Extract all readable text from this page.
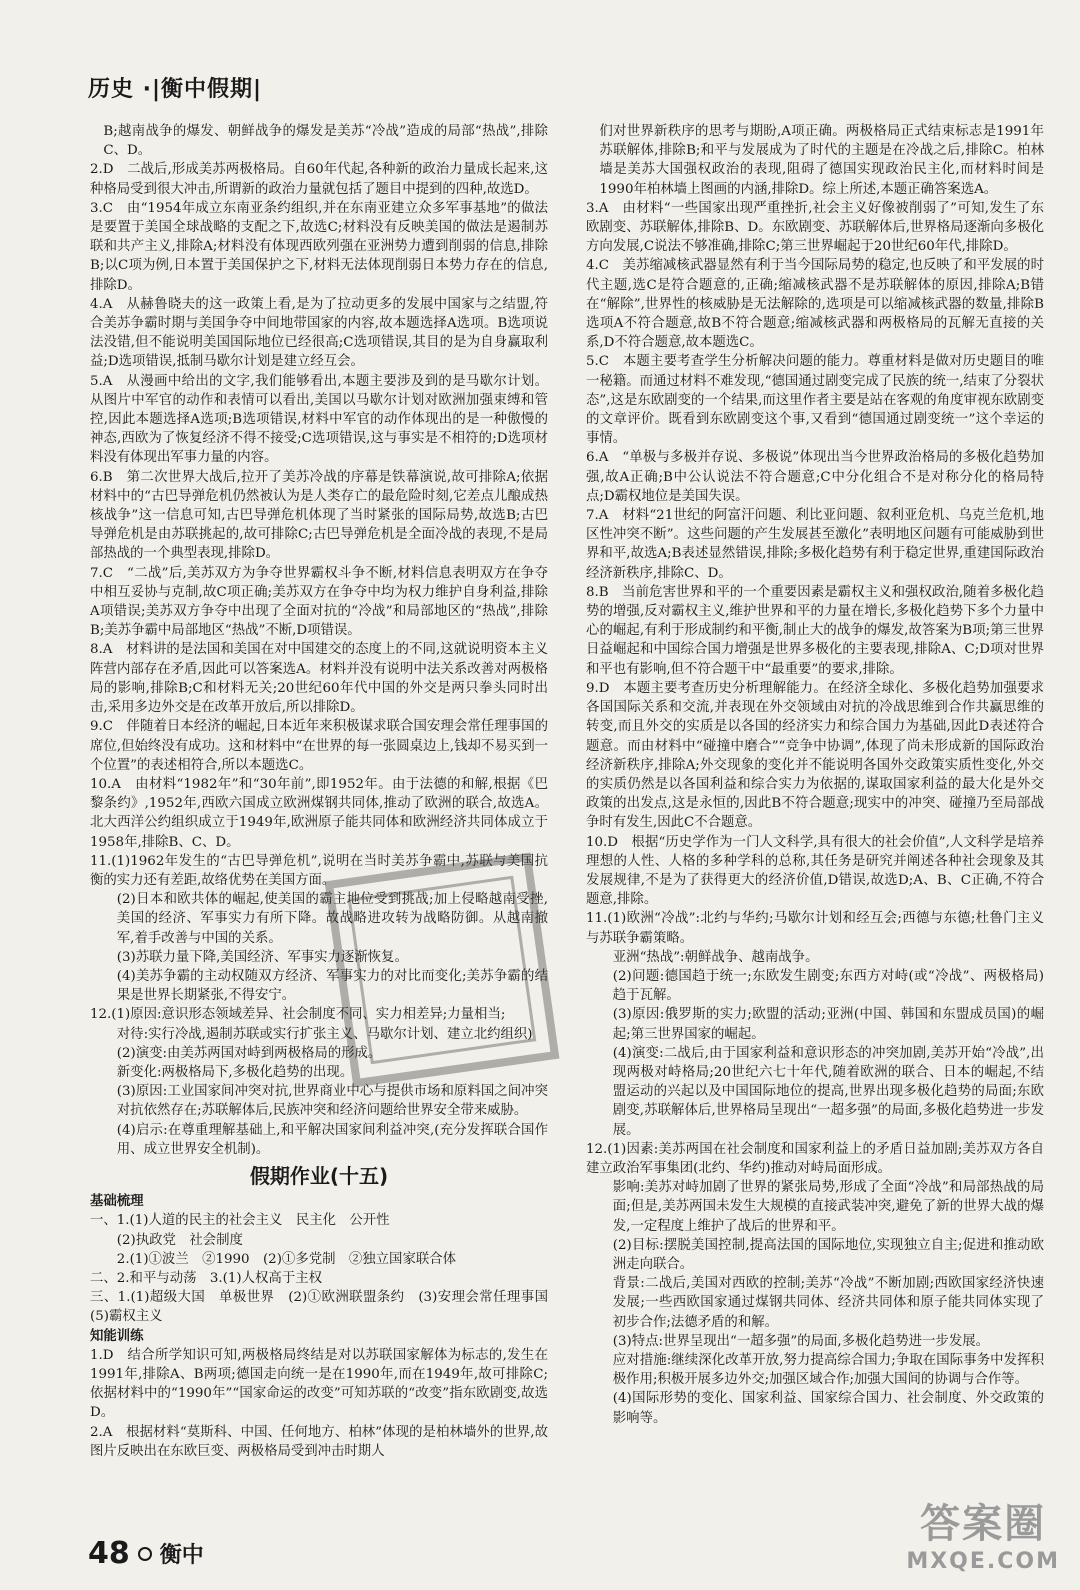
历史 ·|衡中假期|

B;越南战争的爆发、朝鲜战争的爆发是美苏“冷战”造成的局部“热战”,排除C、D。

2.D　二战后,形成美苏两极格局。自60年代起,各种新的政治力量成长起来,这种格局受到很大冲击,所谓新的政治力量就包括了题目中提到的四种,故选D。

3.C　由“1954年成立东南亚条约组织,并在东南亚建立众多军事基地”的做法是要置于美国全球战略的支配之下,故选C;材料没有反映美国的做法是遏制苏联和共产主义,排除A;材料没有体现西欧列强在亚洲势力遭到削弱的信息,排除B;以C项为例,日本置于美国保护之下,材料无法体现削弱日本势力存在的信息,排除D。

4.A　从赫鲁晓夫的这一政策上看,是为了拉动更多的发展中国家与之结盟,符合美苏争霸时期与美国争夺中间地带国家的内容,故本题选择A选项。B选项说法没错,但不能说明美国国际地位已经很高;C选项错误,其目的是为自身赢取利益;D选项错误,抵制马歇尔计划是建立经互会。

5.A　从漫画中给出的文字,我们能够看出,本题主要涉及到的是马歇尔计划。从图片中军官的动作和表情可以看出,美国以马歇尔计划对欧洲加强束缚和管控,因此本题选择A选项;B选项错误,材料中军官的动作体现出的是一种傲慢的神态,西欧为了恢复经济不得不接受;C选项错误,这与事实是不相符的;D选项材料没有体现出军事力量的内容。

6.B　第二次世界大战后,拉开了美苏冷战的序幕是铁幕演说,故可排除A;依据材料中的“古巴导弹危机仍然被认为是人类存亡的最危险时刻,它差点儿酿成热核战争”这一信息可知,古巴导弹危机体现了当时紧张的国际局势,故选B;古巴导弹危机是由苏联挑起的,故可排除C;古巴导弹危机是全面冷战的表现,不是局部热战的一个典型表现,排除D。

7.C　“二战”后,美苏双方为争夺世界霸权斗争不断,材料信息表明双方在争夺中相互妥协与克制,故C项正确;美苏双方在争夺中均为权力维护自身利益,排除A项错误;美苏双方争夺中出现了全面对抗的“冷战”和局部地区的“热战”,排除B;美苏争霸中局部地区“热战”不断,D项错误。

8.A　材料讲的是法国和美国在对中国建交的态度上的不同,这就说明资本主义阵营内部存在矛盾,因此可以答案选A。材料并没有说明中法关系改善对两极格局的影响,排除B;C和材料无关;20世纪60年代中国的外交是两只拳头同时出击,采用多边外交是在改革开放后,所以排除D。

9.C　伴随着日本经济的崛起,日本近年来积极谋求联合国安理会常任理事国的席位,但始终没有成功。这和材料中“在世界的每一张圆桌边上,钱却不易买到一个位置”的表述相符合,所以本题选C。

10.A　由材料“1982年”和“30年前”,即1952年。由于法德的和解,根据《巴黎条约》,1952年,西欧六国成立欧洲煤钢共同体,推动了欧洲的联合,故选A。北大西洋公约组织成立于1949年,欧洲原子能共同体和欧洲经济共同体成立于1958年,排除B、C、D。

11.(1)1962年发生的“古巴导弹危机”,说明在当时美苏争霸中,苏联与美国抗衡的实力还有差距,故络优势在美国方面。

(2)日本和欧共体的崛起,使美国的霸主地位受到挑战;加上侵略越南受挫,美国的经济、军事实力有所下降。故战略进攻转为战略防御。从越南撤军,着手改善与中国的关系。

(3)苏联力量下降,美国经济、军事实力逐渐恢复。

(4)美苏争霸的主动权随双方经济、军事实力的对比而变化;美苏争霸的结果是世界长期紧张,不得安宁。

12.(1)原因:意识形态领域差异、社会制度不同、实力相差异;力量相当;

对待:实行冷战,遏制苏联或实行扩张主义、马歇尔计划、建立北约组织)

(2)演变:由美苏两国对峙到两极格局的形成。

新变化:两极格局下,多极化趋势的出现。

(3)原因:工业国家间冲突对抗,世界商业中心与提供市场和原料国之间冲突对抗依然存在;苏联解体后,民族冲突和经济问题给世界安全带来威胁。

(4)启示:在尊重理解基础上,和平解决国家间利益冲突,(充分发挥联合国作用、成立世界安全机制)。

假期作业(十五)
基础梳理

一、1.(1)人道的民主的社会主义　民主化　公开性

(2)执政党　社会制度

2.(1)①波兰　②1990　(2)①多党制　②独立国家联合体

二、2.和平与动荡　3.(1)人权高于主权

三、1.(1)超级大国　单极世界　(2)①欧洲联盟条约　(3)安理会常任理事国　(5)霸权主义

知能训练

1.D　结合所学知识可知,两极格局终结是对以苏联国家解体为标志的,发生在1991年,排除A、B两项;德国走向统一是在1990年,而在1949年,故可排除C;依据材料中的“1990年”“国家命运的改变”可知苏联的“改变”指东欧剧变,故选D。

2.A　根据材料“莫斯科、中国、任何地方、柏林”体现的是柏林墙外的世界,故图片反映出在东欧巨变、两极格局受到冲击时期人

们对世界新秩序的思考与期盼,A项正确。两极格局正式结束标志是1991年苏联解体,排除B;和平与发展成为了时代的主题是在冷战之后,排除C。柏林墙是美苏大国强权政治的表现,阻碍了德国实现政治民主化,而材料时间是1990年柏林墙上图画的内涵,排除D。综上所述,本题正确答案选A。

3.A　由材料“一些国家出现严重挫折,社会主义好像被削弱了”可知,发生了东欧剧变、苏联解体,排除B、D。东欧剧变、苏联解体后,世界格局逐渐向多极化方向发展,C说法不够准确,排除C;第三世界崛起于20世纪60年代,排除D。

4.C　美苏缩减核武器显然有利于当今国际局势的稳定,也反映了和平发展的时代主题,选C是符合题意的,正确;缩减核武器不是苏联解体的原因,排除A;B错在“解除”,世界性的核威胁是无法解除的,选项是可以缩减核武器的数量,排除B选项A不符合题意,故B不符合题意;缩减核武器和两极格局的瓦解无直接的关系,D不符合题意,故本题选C。

5.C　本题主要考查学生分析解决问题的能力。尊重材料是做对历史题目的唯一秘籍。而通过材料不难发现,“德国通过剧变完成了民族的统一,结束了分裂状态”,这是东欧剧变的一个结果,而这里作者主要是站在客观的角度审视东欧剧变的文章评价。既看到东欧剧变这个事,又看到“德国通过剧变统一”这个幸运的事情。

6.A　“单极与多极并存说、多极说”体现出当今世界政治格局的多极化趋势加强,故A正确;B中公认说法不符合题意;C中分化组合不是对称分化的格局特点;D霸权地位是美国失误。

7.A　材料“21世纪的阿富汗问题、利比亚问题、叙利亚危机、乌克兰危机,地区性冲突不断”。这些问题的产生发展甚至激化”表明地区问题有可能威胁到世界和平,故选A;B表述显然错误,排除;多极化趋势有利于稳定世界,重建国际政治经济新秩序,排除C、D。

8.B　当前危害世界和平的一个重要因素是霸权主义和强权政治,随着多极化趋势的增强,反对霸权主义,维护世界和平的力量在增长,多极化趋势下多个力量中心的崛起,有利于形成制约和平衡,制止大的战争的爆发,故答案为B项;第三世界日益崛起和中国综合国力增强是世界多极化的主要表现,排除A、C;D项对世界和平也有影响,但不符合题干中“最重要”的要求,排除。

9.D　本题主要考查历史分析理解能力。在经济全球化、多极化趋势加强要求各国国际关系和交流,并表现在外交领域由对抗的冷战思维到合作共赢思维的转变,而且外交的实质是以各国的经济实力和综合国力为基础,因此D表述符合题意。而由材料中“碰撞中磨合”“竞争中协调”,体现了尚未形成新的国际政治经济新秩序,排除A;外交现象的变化并不能说明各国外交政策实质性变化,外交的实质仍然是以各国利益和综合实力为依据的,谋取国家利益的最大化是外交政策的出发点,这是永恒的,因此B不符合题意;现实中的冲突、碰撞乃至局部战争时有发生,因此C不合题意。

10.D　根据“历史学作为一门人文科学,具有很大的社会价值”,人文科学是培养理想的人性、人格的多种学科的总称,其任务是研究并阐述各种社会现象及其发展规律,不是为了获得更大的经济价值,D错误,故选D;A、B、C正确,不符合题意,排除。

11.(1)欧洲“冷战”:北约与华约;马歇尔计划和经互会;西德与东德;杜鲁门主义与苏联争霸策略。

亚洲“热战”:朝鲜战争、越南战争。

(2)问题:德国趋于统一;东欧发生剧变;东西方对峙(或“冷战”、两极格局)趋于瓦解。

(3)原因:俄罗斯的实力;欧盟的活动;亚洲(中国、韩国和东盟成员国)的崛起;第三世界国家的崛起。

(4)演变:二战后,由于国家利益和意识形态的冲突加剧,美苏开始“冷战”,出现两极对峙格局;20世纪六七十年代,随着欧洲的联合、日本的崛起,不结盟运动的兴起以及中国国际地位的提高,世界出现多极化趋势的局面;东欧剧变,苏联解体后,世界格局呈现出“一超多强”的局面,多极化趋势进一步发展。

12.(1)因素:美苏两国在社会制度和国家利益上的矛盾日益加剧;美苏双方各自建立政治军事集团(北约、华约)推动对峙局面形成。

影响:美苏对峙加剧了世界的紧张局势,形成了全面“冷战”和局部热战的局面;但是,美苏两国未发生大规模的直接武装冲突,避免了新的世界大战的爆发,一定程度上维护了战后的世界和平。

(2)目标:摆脱美国控制,提高法国的国际地位,实现独立自主;促进和推动欧洲走向联合。

背景:二战后,美国对西欧的控制;美苏“冷战”不断加剧;西欧国家经济快速发展;一些西欧国家通过煤钢共同体、经济共同体和原子能共同体实现了初步合作;法德矛盾的和解。

(3)特点:世界呈现出“一超多强”的局面,多极化趋势进一步发展。

应对措施:继续深化改革开放,努力提高综合国力;争取在国际事务中发挥积极作用;积极开展多边外交;加强区域合作;加强大国间的协调与合作等。

(4)国际形势的变化、国家利益、国家综合国力、社会制度、外交政策的影响等。

48 衡中
答案圈
MXQE.COM
